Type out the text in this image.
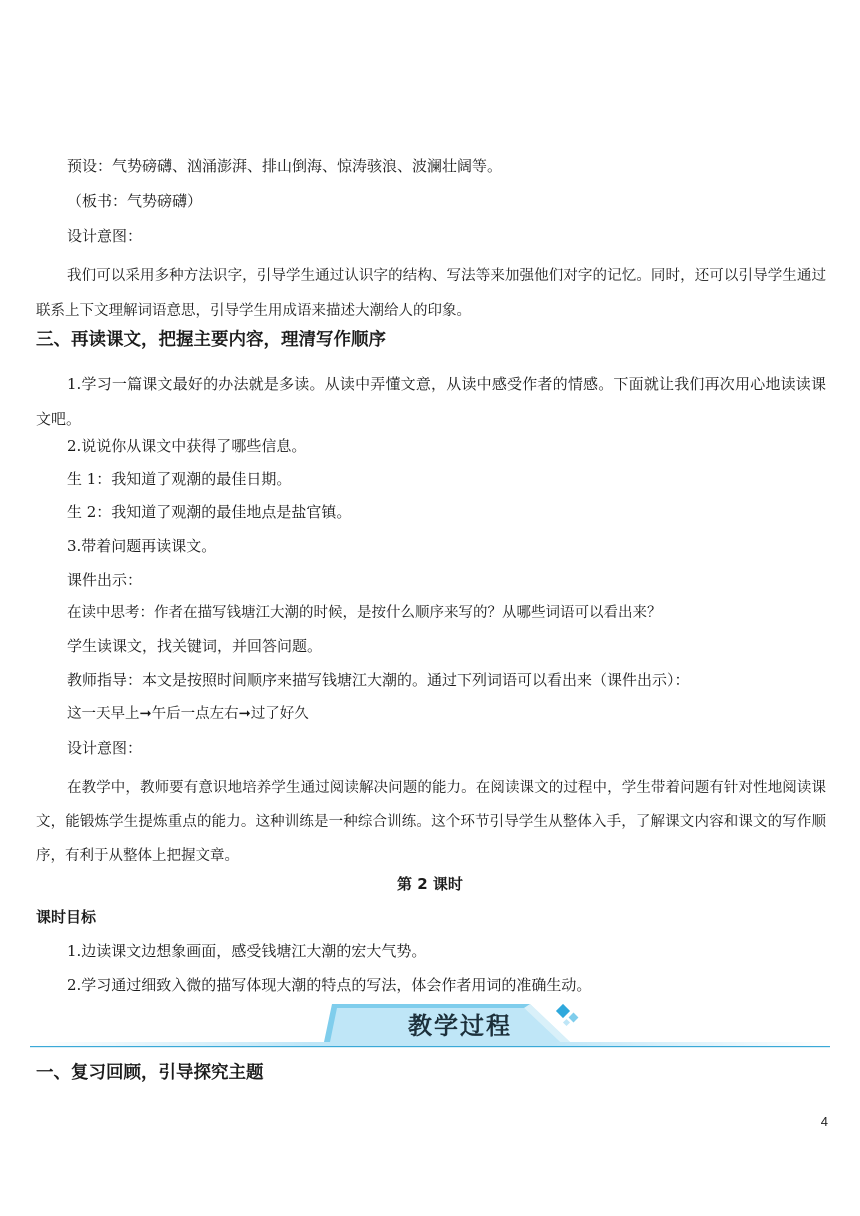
预设：气势磅礴、汹涌澎湃、排山倒海、惊涛骇浪、波澜壮阔等。
（板书：气势磅礴）
设计意图：
我们可以采用多种方法识字，引导学生通过认识字的结构、写法等来加强他们对字的记忆。同时，还可以引导学生通过联系上下文理解词语意思，引导学生用成语来描述大潮给人的印象。
三、再读课文，把握主要内容，理清写作顺序
1.学习一篇课文最好的办法就是多读。从读中弄懂文意，从读中感受作者的情感。下面就让我们再次用心地读读课文吧。
2.说说你从课文中获得了哪些信息。
生 1：我知道了观潮的最佳日期。
生 2：我知道了观潮的最佳地点是盐官镇。
3.带着问题再读课文。
课件出示：
在读中思考：作者在描写钱塘江大潮的时候，是按什么顺序来写的？从哪些词语可以看出来？
学生读课文，找关键词，并回答问题。
教师指导：本文是按照时间顺序来描写钱塘江大潮的。通过下列词语可以看出来（课件出示）：
这一天早上➞午后一点左右➞过了好久
设计意图：
在教学中，教师要有意识地培养学生通过阅读解决问题的能力。在阅读课文的过程中，学生带着问题有针对性地阅读课文，能锻炼学生提炼重点的能力。这种训练是一种综合训练。这个环节引导学生从整体入手，了解课文内容和课文的写作顺序，有利于从整体上把握文章。
第 2 课时
课时目标
1.边读课文边想象画面，感受钱塘江大潮的宏大气势。
2.学习通过细致入微的描写体现大潮的特点的写法，体会作者用词的准确生动。
教学过程
一、复习回顾，引导探究主题
4
